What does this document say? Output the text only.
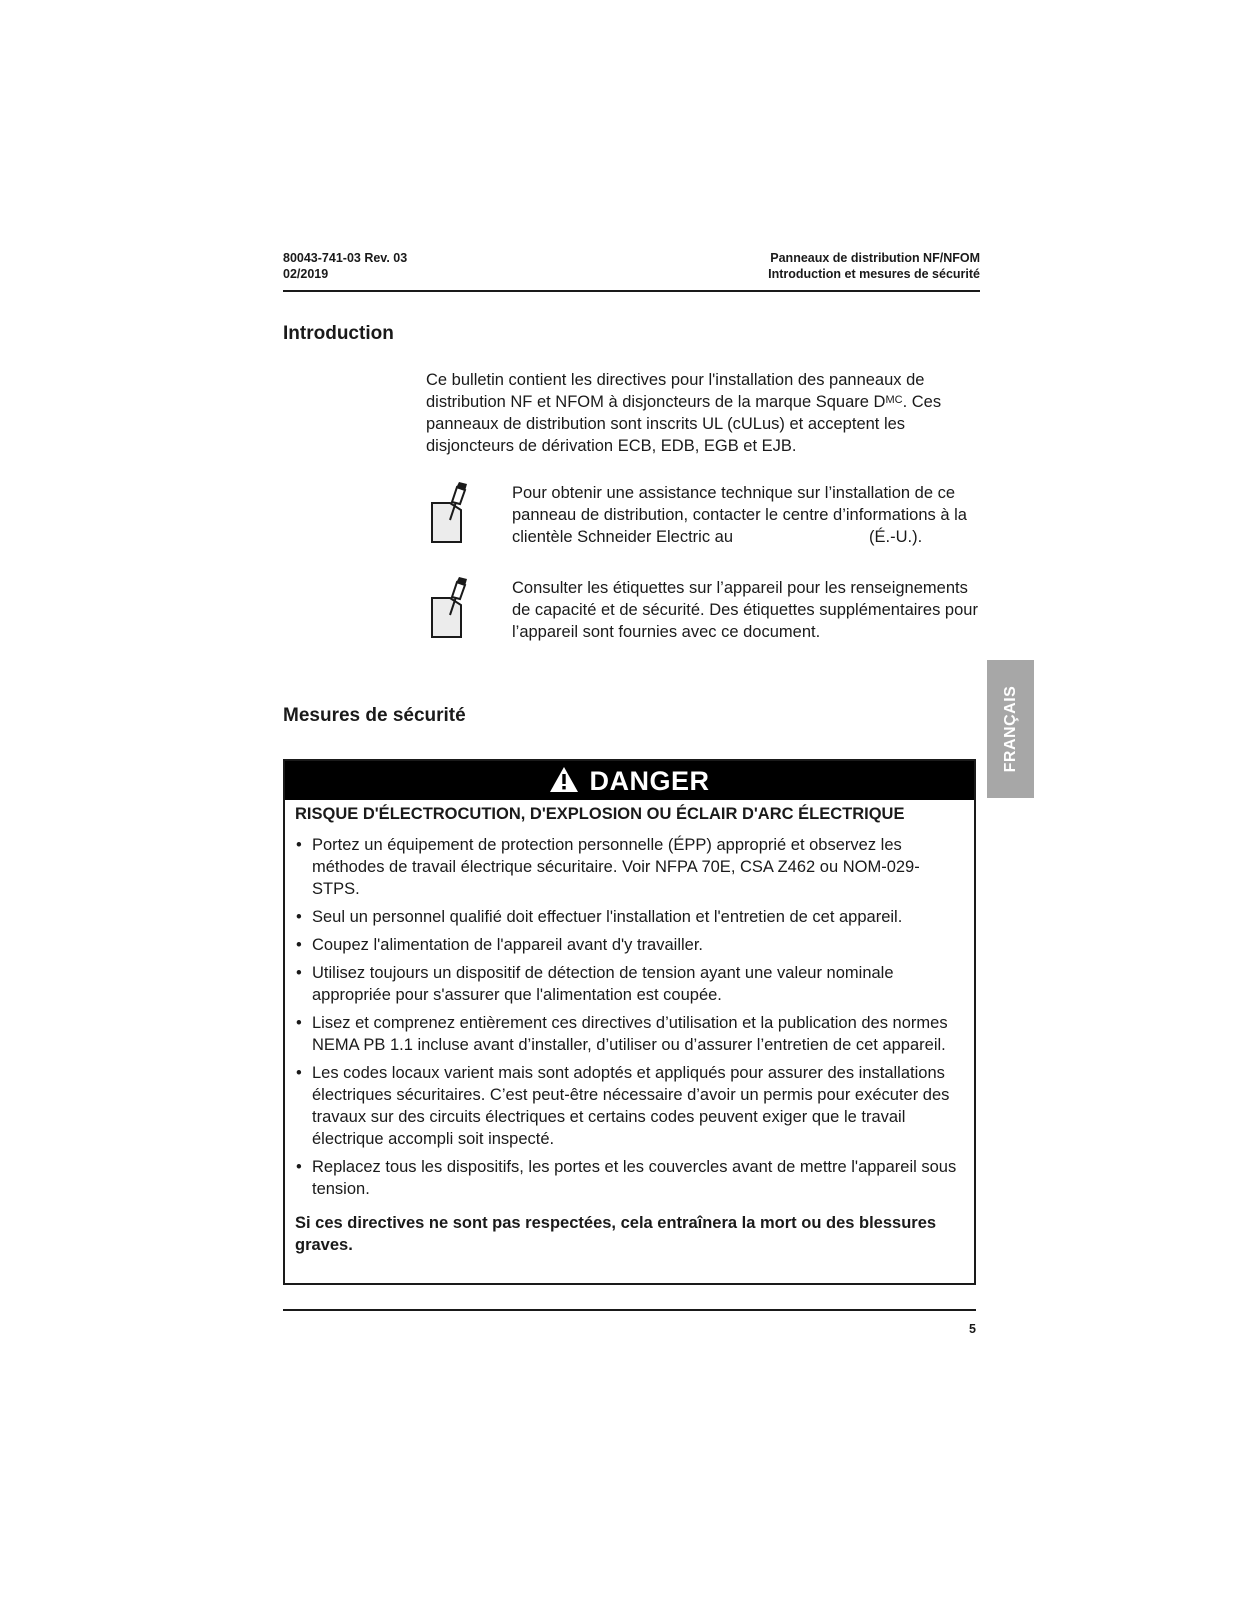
80043-741-03 Rev. 03
02/2019
Panneaux de distribution NF/NFOM
Introduction et mesures de sécurité
Introduction

Ce bulletin contient les directives pour l'installation des panneaux de distribution NF et NFOM à disjoncteurs de la marque Square $D^{MC}$. Ces panneaux de distribution sont inscrits UL (cULus) et acceptent les disjoncteurs de dérivation ECB, EDB, EGB et EJB.

Pour obtenir une assistance technique sur l’installation de ce panneau de distribution, contacter le centre d’informations à la clientèle Schneider Electric au	(É.-U.).

Consulter les étiquettes sur l’appareil pour les renseignements de capacité et de sécurité. Des étiquettes supplémentaires pour l’appareil sont fournies avec ce document.

FRANÇAIS
Mesures de sécurité
DANGER
RISQUE D'ÉLECTROCUTION, D'EXPLOSION OU ÉCLAIR D'ARC ÉLECTRIQUE
• Portez un équipement de protection personnelle (ÉPP) approprié et observez les méthodes de travail électrique sécuritaire. Voir NFPA 70E, CSA Z462 ou NOM-029-STPS.
• Seul un personnel qualifié doit effectuer l'installation et l'entretien de cet appareil.
• Coupez l'alimentation de l'appareil avant d'y travailler.
• Utilisez toujours un dispositif de détection de tension ayant une valeur nominale appropriée pour s'assurer que l'alimentation est coupée.
• Lisez et comprenez entièrement ces directives d’utilisation et la publication des normes NEMA PB 1.1 incluse avant d’installer, d’utiliser ou d’assurer l’entretien de cet appareil.
• Les codes locaux varient mais sont adoptés et appliqués pour assurer des installations électriques sécuritaires. C’est peut-être nécessaire d’avoir un permis pour exécuter des travaux sur des circuits électriques et certains codes peuvent exiger que le travail électrique accompli soit inspecté.
• Replacez tous les dispositifs, les portes et les couvercles avant de mettre l'appareil sous tension.
Si ces directives ne sont pas respectées, cela entraînera la mort ou des blessures graves.
5
